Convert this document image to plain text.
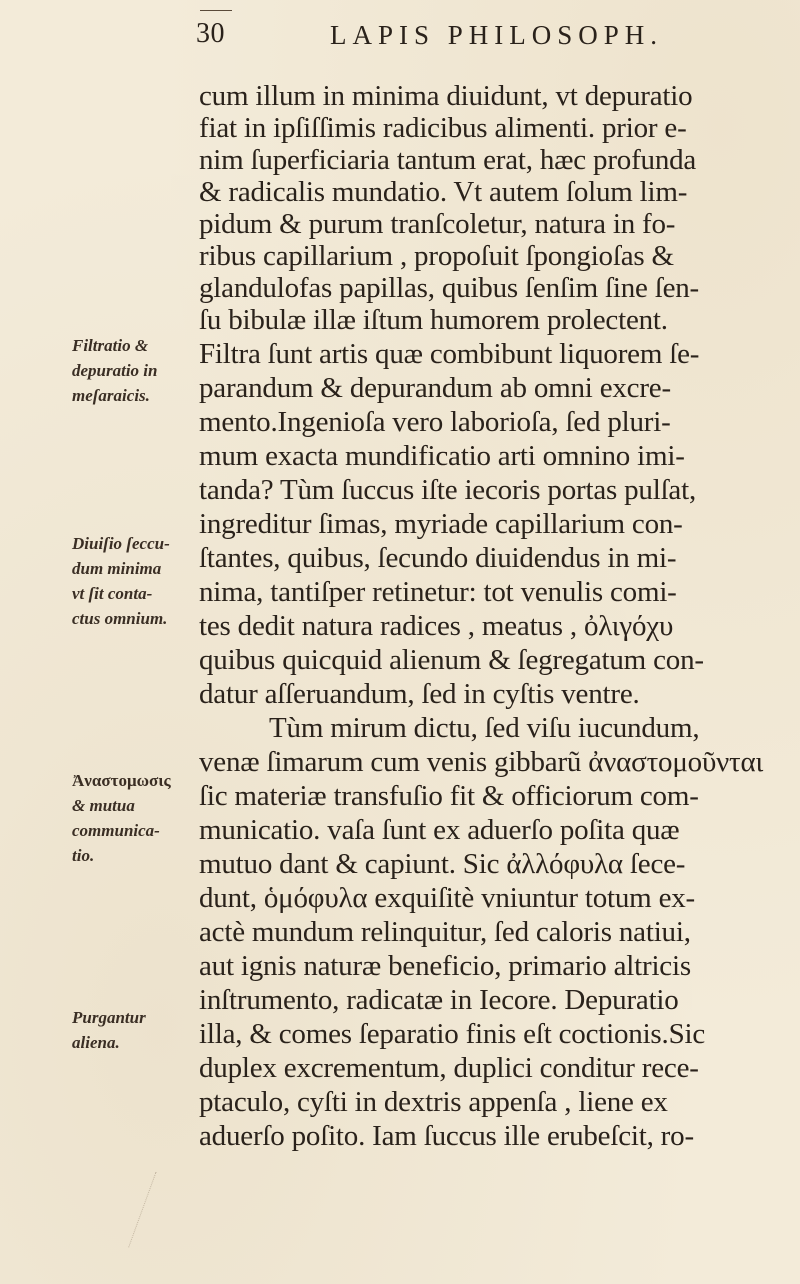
30	LAPIS PHILOSOPH.
Filtratio &
depuratio in
meſaraicis.
Diuiſio ſeccu-
dum minima
vt ſit conta-
ctus omnium.
Ἀναστομωσις
& mutua
communica-
tio.
Purgantur
aliena.
cum illum in minima diuidunt, vt depuratio
fiat in ipſiſſimis radicibus alimenti. prior e-
nim ſuperficiaria tantum erat, hæc profunda
& radicalis mundatio. Vt autem ſolum lim-
pidum & purum tranſcoletur, natura in fo-
ribus capillarium , propoſuit ſpongioſas &
glandulofas papillas, quibus ſenſim ſine ſen-
ſu bibulæ illæ iſtum humorem prolectent.
Filtra ſunt artis quæ combibunt liquorem ſe-
parandum & depurandum ab omni excre-
mento.Ingenioſa vero laborioſa, ſed pluri-
mum exacta mundificatio arti omnino imi-
tanda? Tùm ſuccus iſte iecoris portas pulſat,
ingreditur ſimas, myriade capillarium con-
ſtantes, quibus, ſecundo diuidendus in mi-
nima, tantiſper retinetur: tot venulis comi-
tes dedit natura radices , meatus , ὀλιγόχυ
quibus quicquid alienum & ſegregatum con-
datur aſſeruandum, ſed in cyſtis ventre.
Tùm mirum dictu, ſed viſu iucundum,
venæ ſimarum cum venis gibbarũ ἀναστομοῦνται
ſic materiæ transfuſio fit & officiorum com-
municatio. vaſa ſunt ex aduerſo poſita quæ
mutuo dant & capiunt. Sic ἀλλόφυλα ſece-
dunt, ὁμόφυλα exquiſitè vniuntur totum ex-
actè mundum relinquitur, ſed caloris natiui,
aut ignis naturæ beneficio, primario altricis
inſtrumento, radicatæ in Iecore. Depuratio
illa, & comes ſeparatio finis eſt coctionis.Sic
duplex excrementum, duplici conditur rece-
ptaculo, cyſti in dextris appenſa , liene ex
aduerſo poſito. Iam ſuccus ille erubeſcit, ro-
